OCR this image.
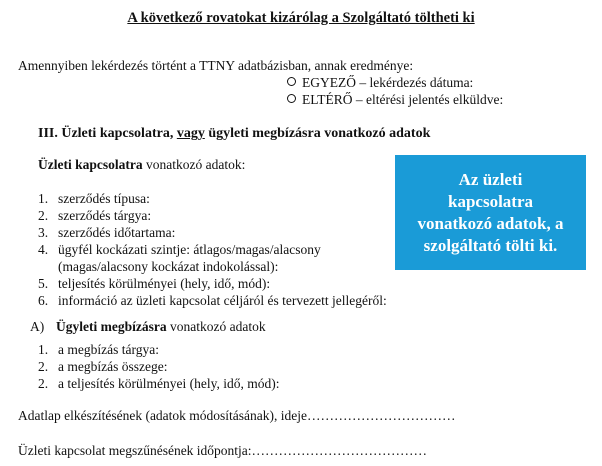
A következő rovatokat kizárólag a Szolgáltató töltheti ki
Amennyiben lekérdezés történt a TTNY adatbázisban, annak eredménye:
EGYEZŐ – lekérdezés dátuma:
ELTÉRŐ – eltérési jelentés elküldve:
III. Üzleti kapcsolatra, vagy ügyleti megbízásra vonatkozó adatok
Üzleti kapcsolatra vonatkozó adatok:
1. szerződés típusa:
2. szerződés tárgya:
3. szerződés időtartama:
4. ügyfél kockázati szintje: átlagos/magas/alacsony
(magas/alacsony kockázat indokolással):
5. teljesítés körülményei (hely, idő, mód):
6. információ az üzleti kapcsolat céljáról és tervezett jellegéről:
A) Ügyleti megbízásra vonatkozó adatok
1. a megbízás tárgya:
2. a megbízás összege:
2. a teljesítés körülményei (hely, idő, mód):
Adatlap elkészítésének (adatok módosításának), ideje……………………………
Üzleti kapcsolat megszűnésének időpontja:…………………………………
Az üzleti
kapcsolatra
vonatkozó adatok, a
szolgáltató tölti ki.
